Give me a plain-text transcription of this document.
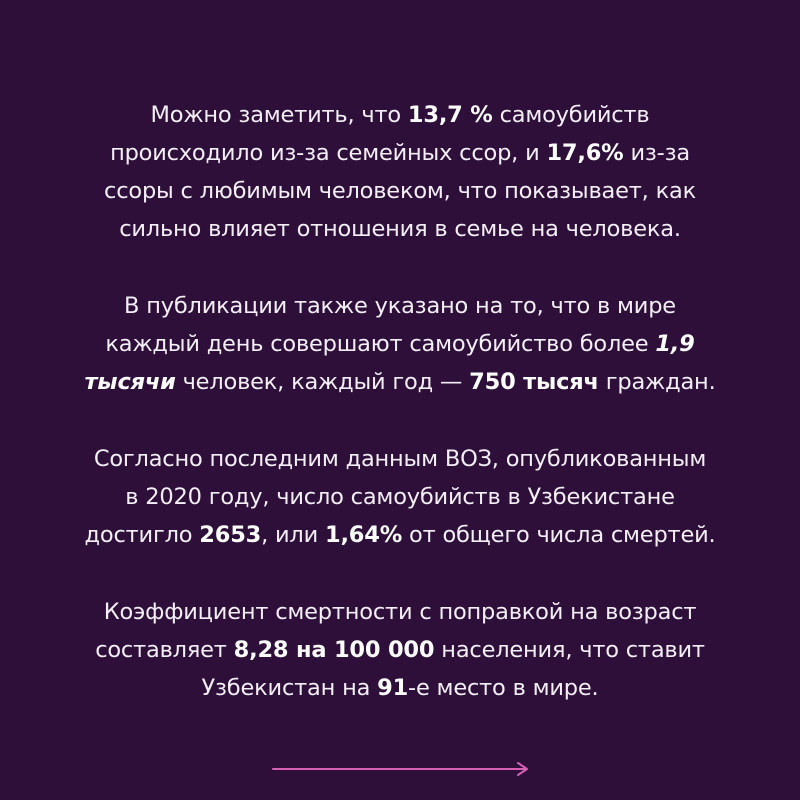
Можно заметить, что 13,7 % самоубийств
происходило из-за семейных ссор, и 17,6% из-за
ссоры с любимым человеком, что показывает, как
сильно влияет отношения в семье на человека.

В публикации также указано на то, что в мире
каждый день совершают самоубийство более 1,9
тысячи человек, каждый год — 750 тысяч граждан.

Согласно последним данным ВОЗ, опубликованным
в 2020 году, число самоубийств в Узбекистане
достигло 2653, или 1,64% от общего числа смертей.

Коэффициент смертности с поправкой на возраст
составляет 8,28 на 100 000 населения, что ставит
Узбекистан на 91-е место в мире.
